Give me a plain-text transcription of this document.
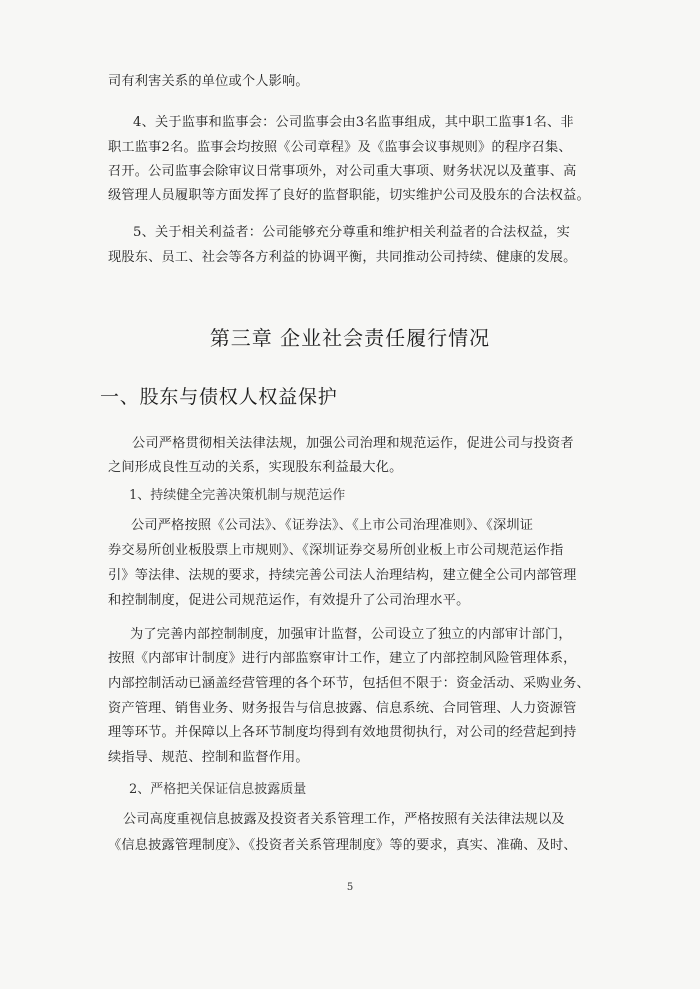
司有利害关系的单位或个人影响。
4、关于监事和监事会：公司监事会由3名监事组成，其中职工监事1名、非
职工监事2名。监事会均按照《公司章程》及《监事会议事规则》的程序召集、
召开。公司监事会除审议日常事项外，对公司重大事项、财务状况以及董事、高
级管理人员履职等方面发挥了良好的监督职能，切实维护公司及股东的合法权益。
5、关于相关利益者：公司能够充分尊重和维护相关利益者的合法权益，实
现股东、员工、社会等各方利益的协调平衡，共同推动公司持续、健康的发展。
第三章 企业社会责任履行情况
一、股东与债权人权益保护
公司严格贯彻相关法律法规，加强公司治理和规范运作，促进公司与投资者
之间形成良性互动的关系，实现股东利益最大化。
1、持续健全完善决策机制与规范运作
公司严格按照《公司法》、《证券法》、《上市公司治理准则》、《深圳证
券交易所创业板股票上市规则》、《深圳证券交易所创业板上市公司规范运作指
引》等法律、法规的要求，持续完善公司法人治理结构，建立健全公司内部管理
和控制制度，促进公司规范运作，有效提升了公司治理水平。
为了完善内部控制制度，加强审计监督，公司设立了独立的内部审计部门，
按照《内部审计制度》进行内部监察审计工作，建立了内部控制风险管理体系，
内部控制活动已涵盖经营管理的各个环节，包括但不限于：资金活动、采购业务、
资产管理、销售业务、财务报告与信息披露、信息系统、合同管理、人力资源管
理等环节。并保障以上各环节制度均得到有效地贯彻执行，对公司的经营起到持
续指导、规范、控制和监督作用。
2、严格把关保证信息披露质量
公司高度重视信息披露及投资者关系管理工作，严格按照有关法律法规以及
《信息披露管理制度》、《投资者关系管理制度》等的要求，真实、准确、及时、
5
